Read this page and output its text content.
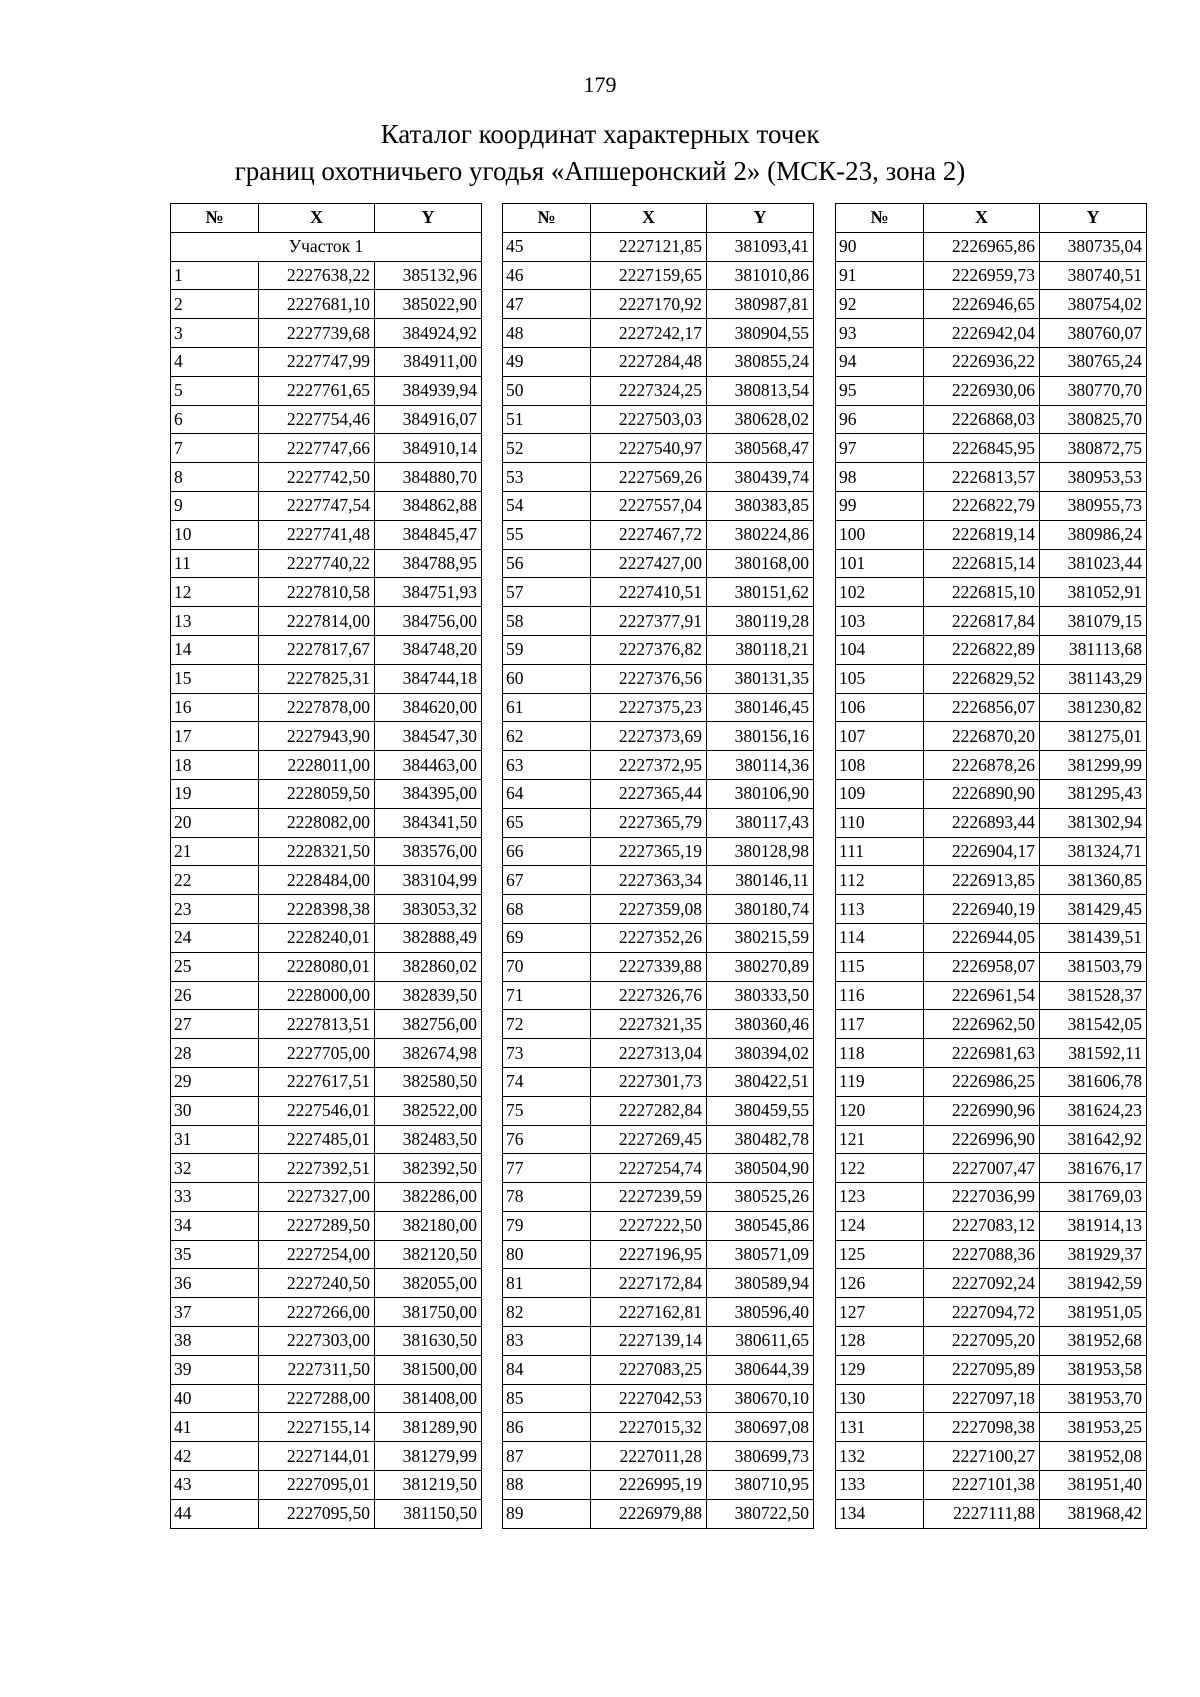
179
Каталог координат характерных точек
границ охотничьего угодья «Апшеронский 2» (МСК-23, зона 2)
№	X	Y
Участок 1		
1	2227638,22	385132,96
2	2227681,10	385022,90
3	2227739,68	384924,92
4	2227747,99	384911,00
5	2227761,65	384939,94
6	2227754,46	384916,07
7	2227747,66	384910,14
8	2227742,50	384880,70
9	2227747,54	384862,88
10	2227741,48	384845,47
11	2227740,22	384788,95
12	2227810,58	384751,93
13	2227814,00	384756,00
14	2227817,67	384748,20
15	2227825,31	384744,18
16	2227878,00	384620,00
17	2227943,90	384547,30
18	2228011,00	384463,00
19	2228059,50	384395,00
20	2228082,00	384341,50
21	2228321,50	383576,00
22	2228484,00	383104,99
23	2228398,38	383053,32
24	2228240,01	382888,49
25	2228080,01	382860,02
26	2228000,00	382839,50
27	2227813,51	382756,00
28	2227705,00	382674,98
29	2227617,51	382580,50
30	2227546,01	382522,00
31	2227485,01	382483,50
32	2227392,51	382392,50
33	2227327,00	382286,00
34	2227289,50	382180,00
35	2227254,00	382120,50
36	2227240,50	382055,00
37	2227266,00	381750,00
38	2227303,00	381630,50
39	2227311,50	381500,00
40	2227288,00	381408,00
41	2227155,14	381289,90
42	2227144,01	381279,99
43	2227095,01	381219,50
44	2227095,50	381150,50
№	X	Y
45	2227121,85	381093,41
46	2227159,65	381010,86
47	2227170,92	380987,81
48	2227242,17	380904,55
49	2227284,48	380855,24
50	2227324,25	380813,54
51	2227503,03	380628,02
52	2227540,97	380568,47
53	2227569,26	380439,74
54	2227557,04	380383,85
55	2227467,72	380224,86
56	2227427,00	380168,00
57	2227410,51	380151,62
58	2227377,91	380119,28
59	2227376,82	380118,21
60	2227376,56	380131,35
61	2227375,23	380146,45
62	2227373,69	380156,16
63	2227372,95	380114,36
64	2227365,44	380106,90
65	2227365,79	380117,43
66	2227365,19	380128,98
67	2227363,34	380146,11
68	2227359,08	380180,74
69	2227352,26	380215,59
70	2227339,88	380270,89
71	2227326,76	380333,50
72	2227321,35	380360,46
73	2227313,04	380394,02
74	2227301,73	380422,51
75	2227282,84	380459,55
76	2227269,45	380482,78
77	2227254,74	380504,90
78	2227239,59	380525,26
79	2227222,50	380545,86
80	2227196,95	380571,09
81	2227172,84	380589,94
82	2227162,81	380596,40
83	2227139,14	380611,65
84	2227083,25	380644,39
85	2227042,53	380670,10
86	2227015,32	380697,08
87	2227011,28	380699,73
88	2226995,19	380710,95
89	2226979,88	380722,50
№	X	Y
90	2226965,86	380735,04
91	2226959,73	380740,51
92	2226946,65	380754,02
93	2226942,04	380760,07
94	2226936,22	380765,24
95	2226930,06	380770,70
96	2226868,03	380825,70
97	2226845,95	380872,75
98	2226813,57	380953,53
99	2226822,79	380955,73
100	2226819,14	380986,24
101	2226815,14	381023,44
102	2226815,10	381052,91
103	2226817,84	381079,15
104	2226822,89	381113,68
105	2226829,52	381143,29
106	2226856,07	381230,82
107	2226870,20	381275,01
108	2226878,26	381299,99
109	2226890,90	381295,43
110	2226893,44	381302,94
111	2226904,17	381324,71
112	2226913,85	381360,85
113	2226940,19	381429,45
114	2226944,05	381439,51
115	2226958,07	381503,79
116	2226961,54	381528,37
117	2226962,50	381542,05
118	2226981,63	381592,11
119	2226986,25	381606,78
120	2226990,96	381624,23
121	2226996,90	381642,92
122	2227007,47	381676,17
123	2227036,99	381769,03
124	2227083,12	381914,13
125	2227088,36	381929,37
126	2227092,24	381942,59
127	2227094,72	381951,05
128	2227095,20	381952,68
129	2227095,89	381953,58
130	2227097,18	381953,70
131	2227098,38	381953,25
132	2227100,27	381952,08
133	2227101,38	381951,40
134	2227111,88	381968,42
